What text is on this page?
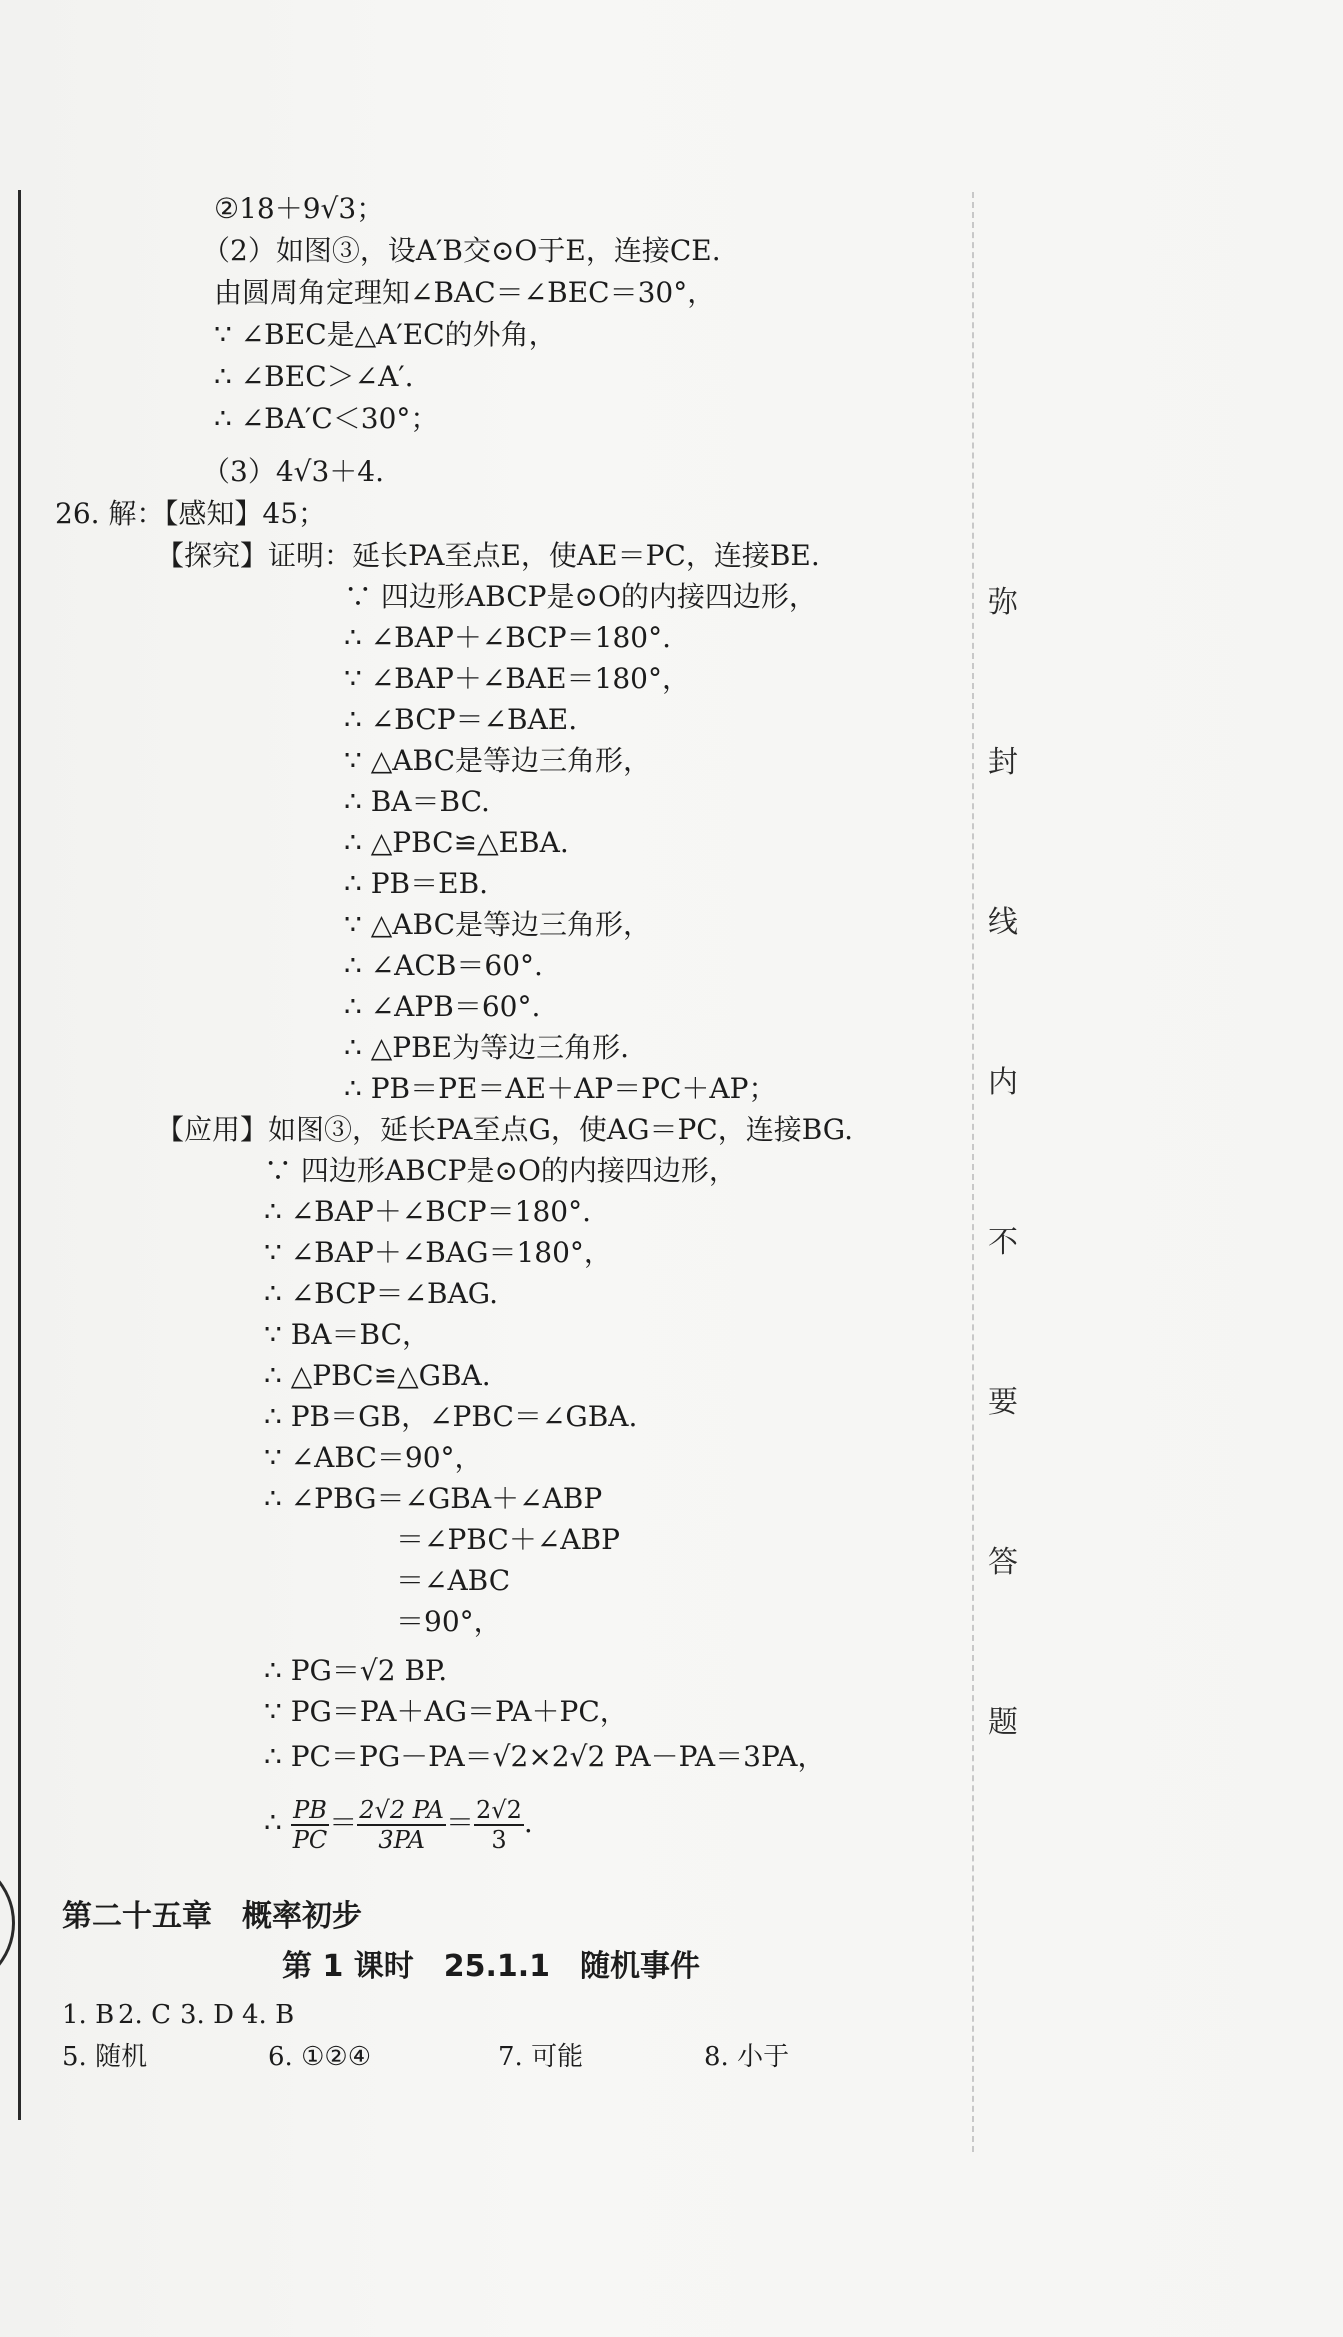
②18＋9√3；
（2）如图③，设A′B交⊙O于E，连接CE.
由圆周角定理知∠BAC＝∠BEC＝30°，
∵ ∠BEC是△A′EC的外角，
∴ ∠BEC＞∠A′.
∴ ∠BA′C＜30°；
（3）4√3＋4.
26. 解：【感知】45；
【探究】证明：延长PA至点E，使AE＝PC，连接BE.
∵ 四边形ABCP是⊙O的内接四边形，
∴ ∠BAP＋∠BCP＝180°.
∵ ∠BAP＋∠BAE＝180°，
∴ ∠BCP＝∠BAE.
∵ △ABC是等边三角形，
∴ BA＝BC.
∴ △PBC≌△EBA.
∴ PB＝EB.
∵ △ABC是等边三角形，
∴ ∠ACB＝60°.
∴ ∠APB＝60°.
∴ △PBE为等边三角形.
∴ PB＝PE＝AE＋AP＝PC＋AP；
【应用】如图③，延长PA至点G，使AG＝PC，连接BG.
∵ 四边形ABCP是⊙O的内接四边形，
∴ ∠BAP＋∠BCP＝180°.
∵ ∠BAP＋∠BAG＝180°，
∴ ∠BCP＝∠BAG.
∵ BA＝BC，
∴ △PBC≌△GBA.
∴ PB＝GB，∠PBC＝∠GBA.
∵ ∠ABC＝90°，
∴ ∠PBG＝∠GBA＋∠ABP
＝∠PBC＋∠ABP
＝∠ABC
＝90°，
∴ PG＝√2 BP.
∵ PG＝PA＋AG＝PA＋PC，
∴ PC＝PG－PA＝√2×2√2 PA－PA＝3PA，
∴ $\frac{PB}{PC} = \frac{2√2 PA}{3PA} = \frac{2√2}{3}$ .
第二十五章　概率初步
第 1 课时　25.1.1　随机事件
1. B 2. C 3. D 4. B
5. 随机	6. ①②④	7. 可能	8. 小于
弥
封
线
内
不
要
答
题
